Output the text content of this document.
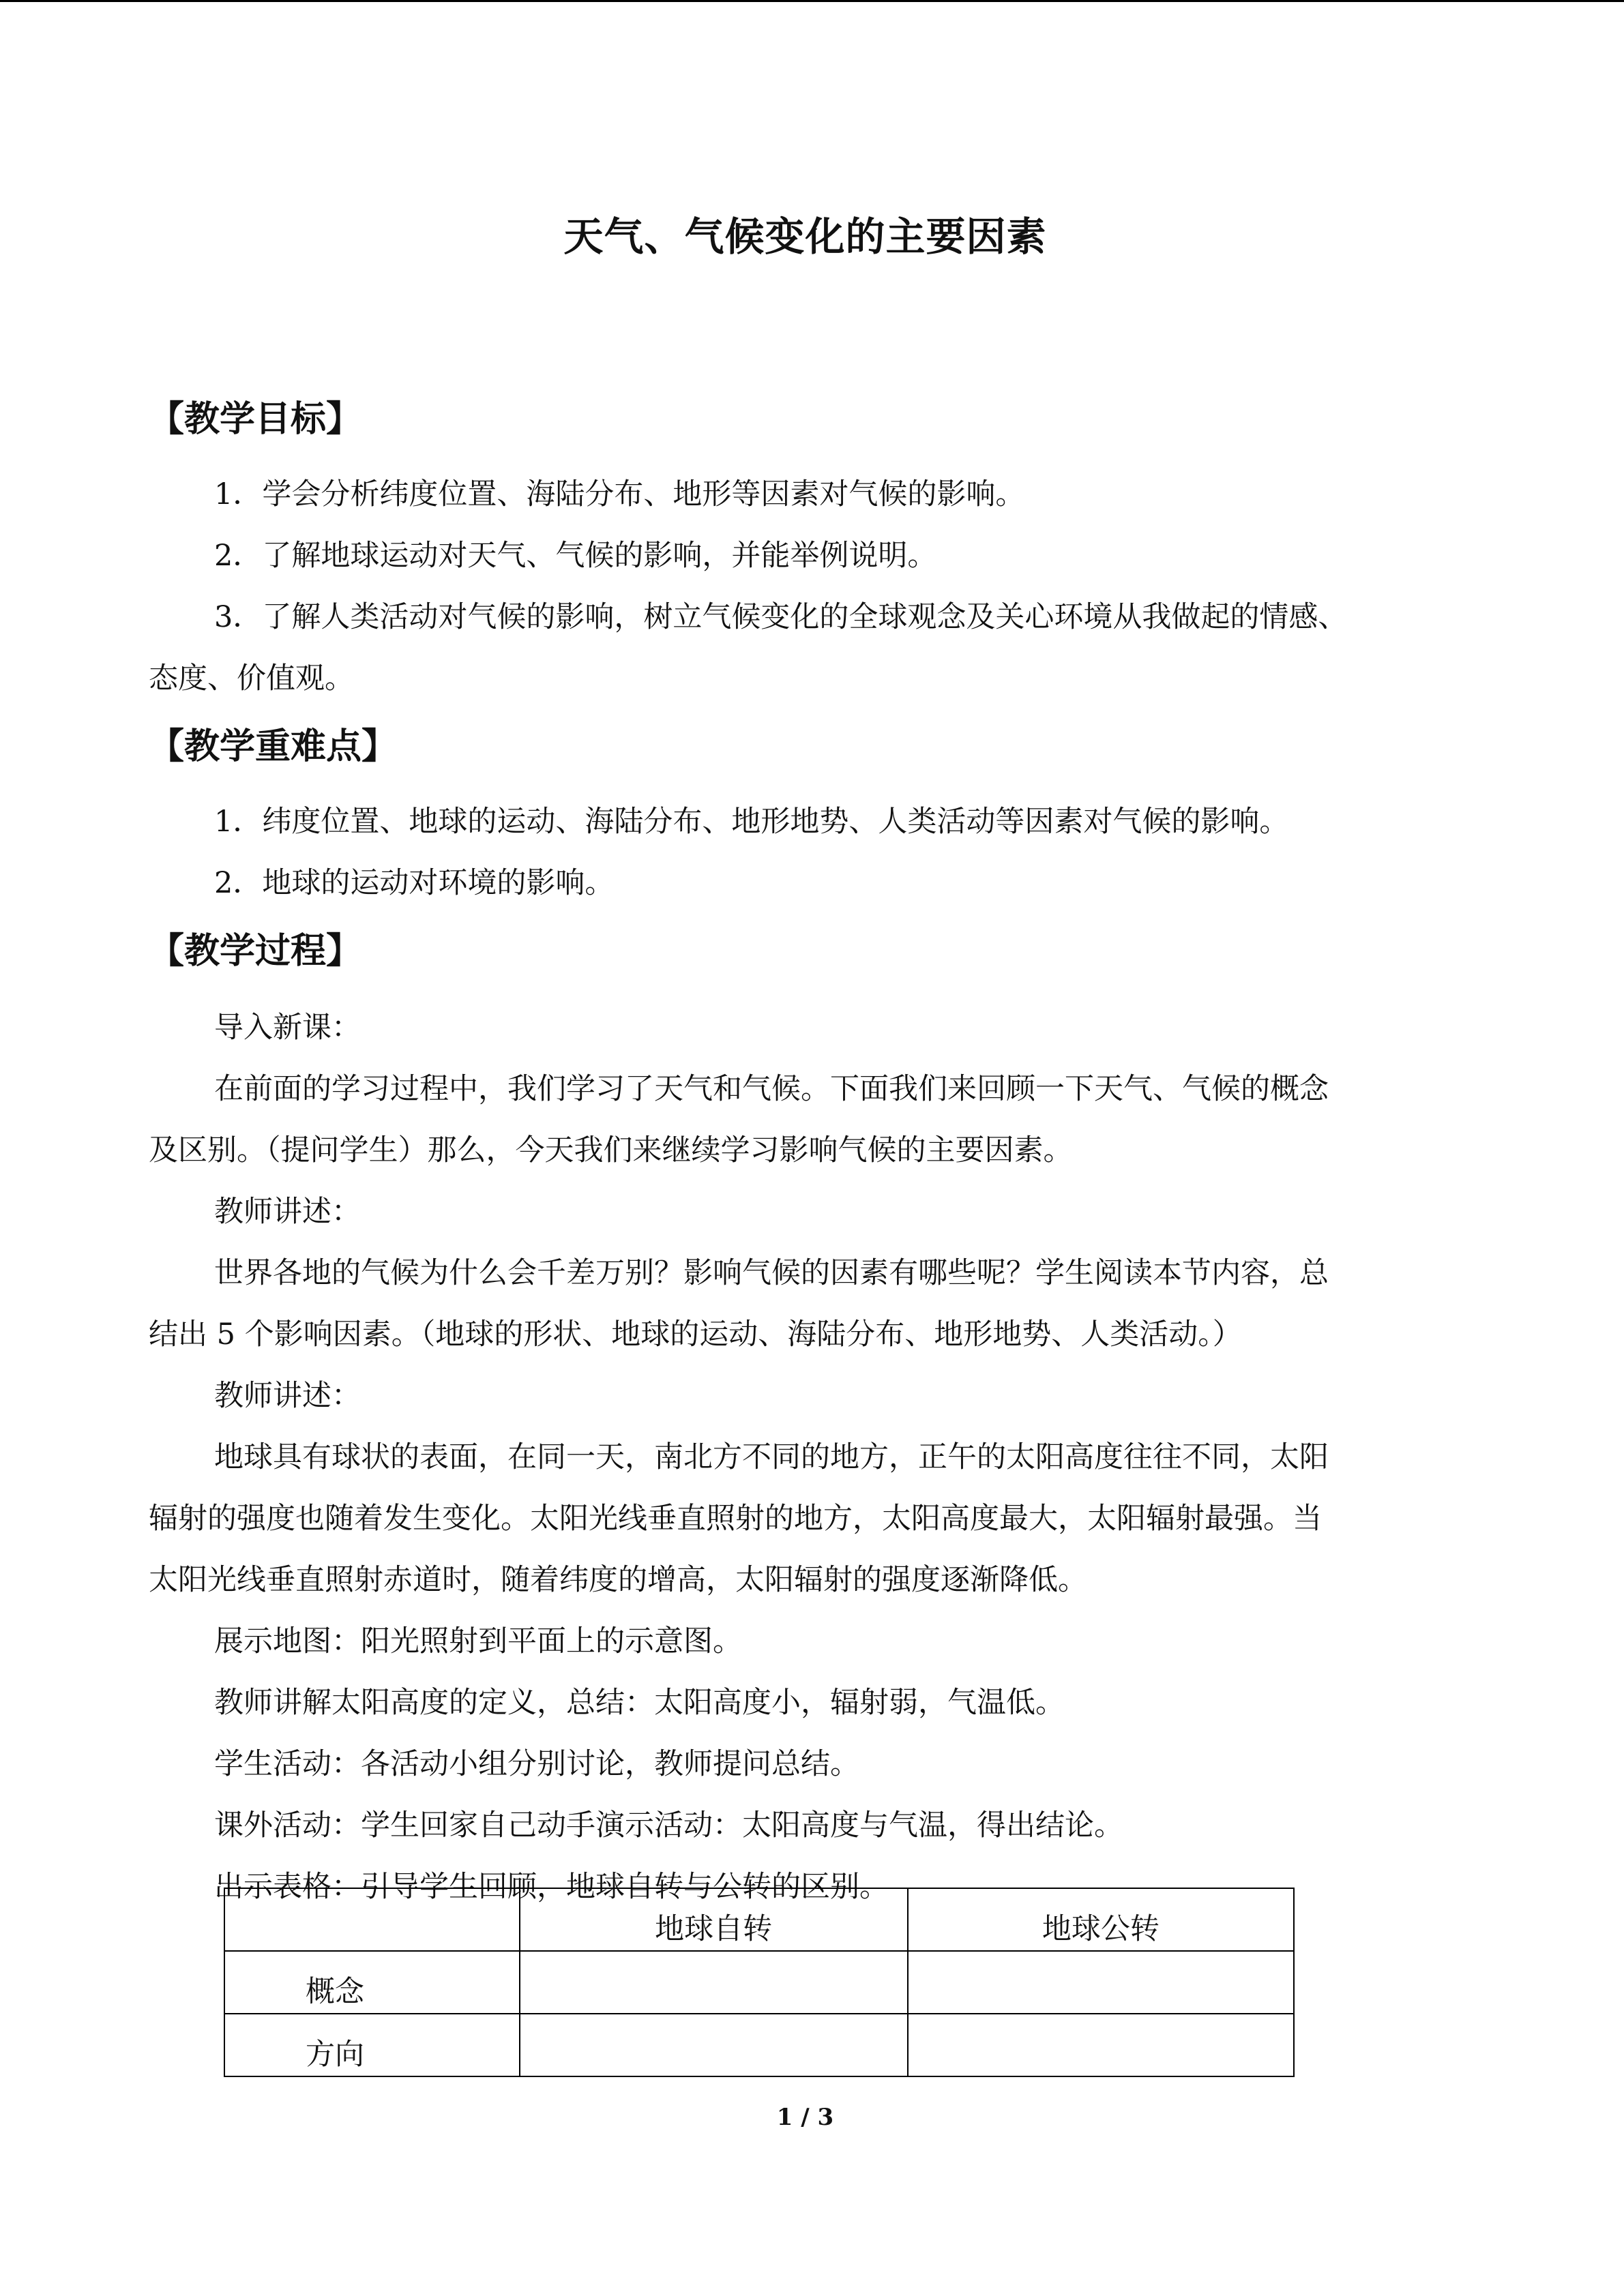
天气、气候变化的主要因素
【教学目标】
1．学会分析纬度位置、海陆分布、地形等因素对气候的影响。
2．了解地球运动对天气、气候的影响，并能举例说明。
3．了解人类活动对气候的影响，树立气候变化的全球观念及关心环境从我做起的情感、
态度、价值观。
【教学重难点】
1．纬度位置、地球的运动、海陆分布、地形地势、人类活动等因素对气候的影响。
2．地球的运动对环境的影响。
【教学过程】
导入新课：
在前面的学习过程中，我们学习了天气和气候。下面我们来回顾一下天气、气候的概念
及区别。（提问学生）那么，今天我们来继续学习影响气候的主要因素。
教师讲述：
世界各地的气候为什么会千差万别？影响气候的因素有哪些呢？学生阅读本节内容，总
结出 5 个影响因素。（地球的形状、地球的运动、海陆分布、地形地势、人类活动。）
教师讲述：
地球具有球状的表面，在同一天，南北方不同的地方，正午的太阳高度往往不同，太阳
辐射的强度也随着发生变化。太阳光线垂直照射的地方，太阳高度最大，太阳辐射最强。当
太阳光线垂直照射赤道时，随着纬度的增高，太阳辐射的强度逐渐降低。
展示地图：阳光照射到平面上的示意图。
教师讲解太阳高度的定义，总结：太阳高度小，辐射弱，气温低。
学生活动：各活动小组分别讨论，教师提问总结。
课外活动：学生回家自己动手演示活动：太阳高度与气温，得出结论。
出示表格：引导学生回顾，地球自转与公转的区别。
	地球自转	地球公转
概念		
方向		
1 / 3
